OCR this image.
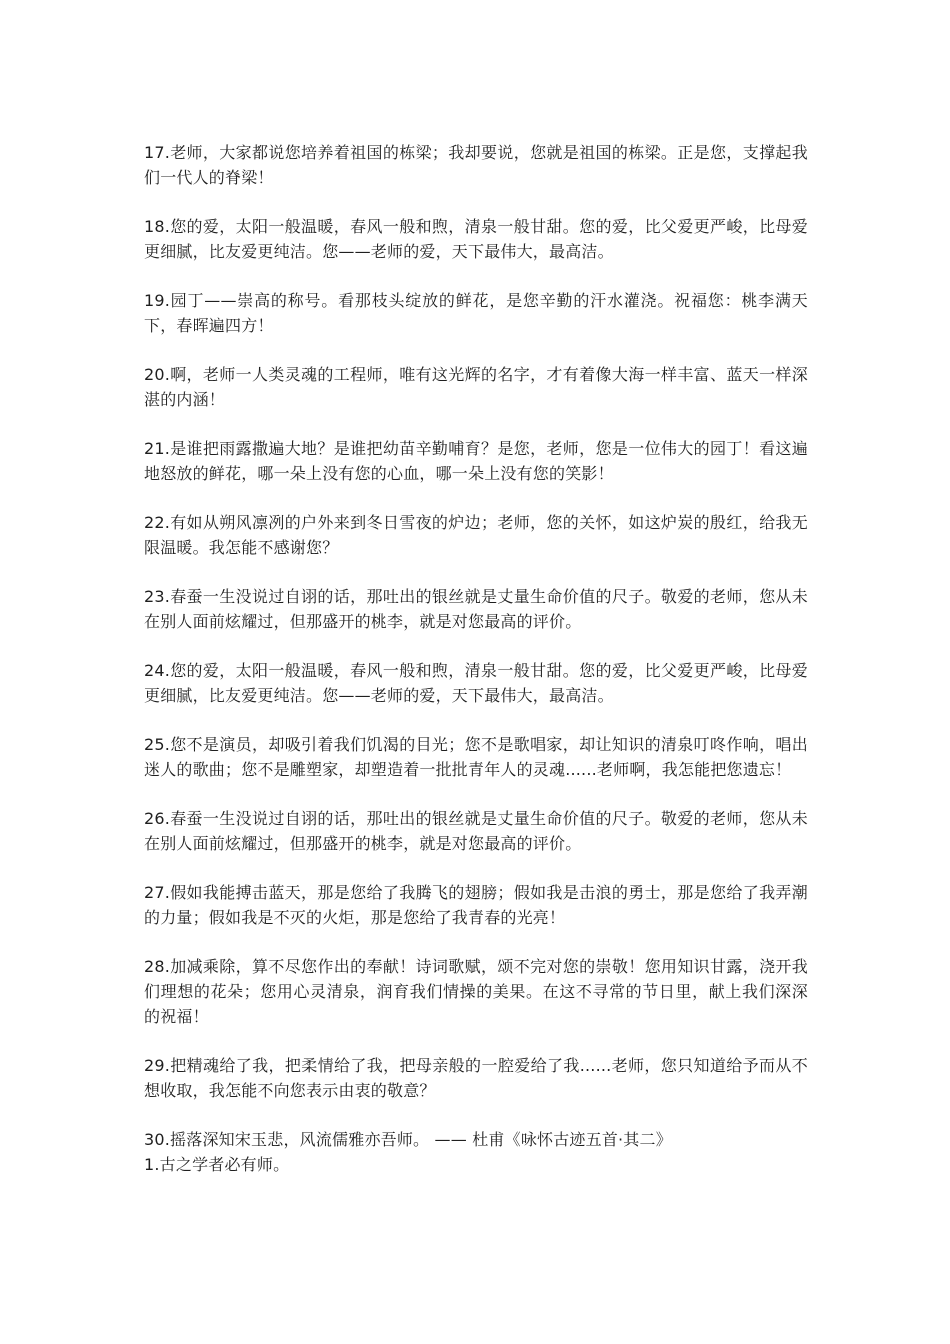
17.老师，大家都说您培养着祖国的栋梁；我却要说，您就是祖国的栋梁。正是您，支撑起我们一代人的脊梁！

18.您的爱，太阳一般温暖，春风一般和煦，清泉一般甘甜。您的爱，比父爱更严峻，比母爱更细腻，比友爱更纯洁。您——老师的爱，天下最伟大，最高洁。

19.园丁——崇高的称号。看那枝头绽放的鲜花，是您辛勤的汗水灌浇。祝福您：桃李满天下，春晖遍四方！

20.啊，老师一人类灵魂的工程师，唯有这光辉的名字，才有着像大海一样丰富、蓝天一样深湛的内涵！

21.是谁把雨露撒遍大地？是谁把幼苗辛勤哺育？是您，老师，您是一位伟大的园丁！看这遍地怒放的鲜花，哪一朵上没有您的心血，哪一朵上没有您的笑影！

22.有如从朔风凛冽的户外来到冬日雪夜的炉边；老师，您的关怀，如这炉炭的殷红，给我无限温暖。我怎能不感谢您？

23.春蚕一生没说过自诩的话，那吐出的银丝就是丈量生命价值的尺子。敬爱的老师，您从未在别人面前炫耀过，但那盛开的桃李，就是对您最高的评价。

24.您的爱，太阳一般温暖，春风一般和煦，清泉一般甘甜。您的爱，比父爱更严峻，比母爱更细腻，比友爱更纯洁。您——老师的爱，天下最伟大，最高洁。

25.您不是演员，却吸引着我们饥渴的目光；您不是歌唱家，却让知识的清泉叮咚作响，唱出迷人的歌曲；您不是雕塑家，却塑造着一批批青年人的灵魂......老师啊，我怎能把您遗忘！

26.春蚕一生没说过自诩的话，那吐出的银丝就是丈量生命价值的尺子。敬爱的老师，您从未在别人面前炫耀过，但那盛开的桃李，就是对您最高的评价。

27.假如我能搏击蓝天，那是您给了我腾飞的翅膀；假如我是击浪的勇士，那是您给了我弄潮的力量；假如我是不灭的火炬，那是您给了我青春的光亮！

28.加减乘除，算不尽您作出的奉献！诗词歌赋，颂不完对您的崇敬！您用知识甘露，浇开我们理想的花朵；您用心灵清泉，润育我们情操的美果。在这不寻常的节日里，献上我们深深的祝福！

29.把精魂给了我，把柔情给了我，把母亲般的一腔爱给了我......老师，您只知道给予而从不想收取，我怎能不向您表示由衷的敬意？

30.摇落深知宋玉悲，风流儒雅亦吾师。 —— 杜甫《咏怀古迹五首·其二》

1.古之学者必有师。
